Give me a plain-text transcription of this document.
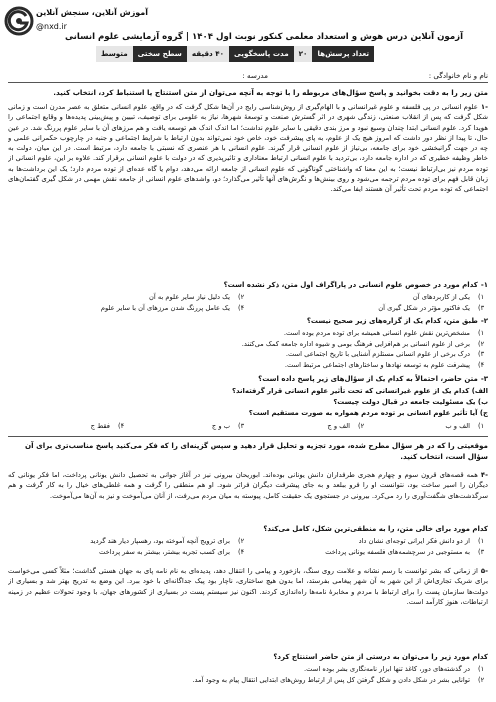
آموزش آنلاین، سنجش آنلاین
@nxd.ir
آزمون آنلاین درس هوش و استعداد معلمی کنکور نوبت اول ۱۴۰۴ | گروه آزمایشی علوم انسانی
تعداد پرسش‌ها
۲۰
مدت پاسخگویی
۴۰ دقیقه
سطح سختی
متوسط
نام و نام خانوادگی :
مدرسه :
متن زیر را به دقت بخوانید و پاسخ سؤال‌های مربوطه را با توجه به آنچه می‌توان از متن استنتاج یا استنباط کرد، انتخاب کنید.
-۱علوم انسانی در پی فلسفه و علوم غیرانسانی و با الهام‌گیری از روش‌شناسی رایج در آن‌ها شکل گرفت که در واقع، علوم انسانی متعلق به عصر مدرن است و زمانی شکل گرفت که پس از انقلاب صنعتی، زندگی شهری در اثر گسترش صنعت و توسعهٔ شهرها، نیاز به علومی برای توصیف، تبیین و پیش‌بینی پدیده‌ها و وقایع اجتماعی را هویدا کرد. علوم انسانی ابتدا چندان وسیع نبود و مرز بندی دقیقی با سایر علوم نداشت؛ اما اندک اندک هم توسعه یافت و هم مرزهای آن با سایر علوم پررنگ شد. در عین حال، تا پیدا از نظر دور داشت که امروز هیچ یک از علوم، به پای پیشرفت خود، خاص خود نمی‌تواند بدون ارتباط با شرایط اجتماعی و جنبه در چارچوب حکمرانی علمی و چه در جهت گرانبخشی خود برای جامعه، بی‌نیاز از علوم انسانی قرار گیرند. علوم انسانی با هر عنصری که نسبتی با جامعه دارد، مرتبط است. در این میان، دولت به خاطر وظیفه خطیری که در اداره جامعه دارد، بی‌تردید با علوم انسانی ارتباط معناداری و تاثیرپذیری که در دولت با علوم انسانی برقرار کند. علاوه بر این، علوم انسانی از توده مردم نیز بی‌ارتباط نیست؛ به این معنا که واشناختی گوناگونی که علوم انسانی از جامعه ارائه می‌دهد، دوام یا گاه عده‌ای از توده مردم دارد؛ یک این برداشت‌ها به زبان قابل فهم برای توده مردم ترجمه می‌شود و روی بینش‌ها و نگرش‌های آنها تأثیر می‌گذارد؛ دو، واشدهای علوم انسانی از جامعه نقش مهمی در شکل گیری گفتمان‌های اجتماعی که توده مردم تحت تأثیر آن هستند ایفا می‌کند.
۱-کدام مورد در خصوص علوم انسانی در پاراگراف اول متن، ذکر نشده است؟
۱)یکی از کاربردهای آن
۲)یک دلیل نیاز سایر علوم به آن
۳)یک فاکتور مؤثر در شکل گیری آن
۴)یک عامل پررنگ شدن مرزهای آن با سایر علوم
۲-طبق متن، کدام یک از گزاره‌های زیر صحیح نیست؟
۱)مشخص‌ترین نقش علوم انسانی همیشه برای توده مردم بوده است.
۲)برخی از علوم انسانی بر هم‌افزایی فرهنگ بومی و شیوه اداره جامعه کمک می‌کنند.
۳)درک برخی از علوم انسانی مستلزم آشنایی با تاریخ اجتماعی است.
۴)پیشرفت علوم به توسعه نهادها و ساختارهای اجتماعی مرتبط است.
۳-متن حاضر، احتمالاً به کدام یک از سؤال‌های زیر پاسخ داده است؟
الف) کدام یک از علوم غیرانسانی که تحت تأثیر علوم انسانی قرار گرفته‌اند؟
ب) یک مسئولیت جامعه در قبال دولت چیست؟
ج) آیا تأثیر علوم انسانی بر توده مردم همواره به صورت مستقیم است؟
۱)الف و ب
۲)الف و ج
۳)ب و ج
۴)فقط ج
موقعیتی را که در هر سؤال مطرح شده، مورد تجزیه و تحلیل قرار دهید و سپس گزینه‌ای را که فکر می‌کنید پاسخ مناسب‌تری برای آن سؤال است، انتخاب کنید.
-۴همه قصه‌های قرون سوم و چهارم هجری طرفداران دانش یونانی بوده‌اند. ابوریحان بیرونی نیز در آغاز جوانی به تحصیل دانش یونانی پرداخت، اما فکر یونانی که دیگران را اسیر ساخت بود، نتوانست او را فرو ببلعد و به جای پیشرفت دیگران فراتر شود. او هم منطقی را گرفت و همه غلطی‌های خیال را به کار گرفت و هم سرگذشت‌های شگفت‌آوری را رد می‌کرد. بیرونی در جستجوی یک حقیقت کامل، پیوسته به میان مردم می‌رفت، از آنان می‌آموخت و نیز به آن‌ها می‌آموخت.
کدام مورد برای خالی متن، را به منطقی‌ترین شکل، کامل می‌کند؟
۱)از دو دانش فکر ایرانی توجه‌ای نشان داد
۲)برای ترویج آنچه آموخته بود، رهسپار دیار هند گردید
۳)به مستوجبی در سرچشمه‌های فلسفه یونانی پرداخت
۴)برای کسب تجربه بیشتر، بیشتر به سفر پرداخت
-۵از زمانی که بشر توانست با رسم نشانه و علامت روی سنگ، بازخورد و پیامی را انتقال دهد، پدیده‌ای به نام نامه پای به جهان هستی گذاشت؛ مثلاً کسی می‌خواست برای شریک تجاری‌اش از این شهر به آن شهر پیغامی بفرستد، اما بدون هیچ ساختاری، ناچار بود پیک جداگانه‌ای با خود ببرد. این وضع به تدریج بهتر شد و بسیاری از دولت‌ها سازمان پست را برای ارتباط با مردم و مخابرهٔ نامه‌ها راه‌اندازی کردند. اکنون نیز سیستم پست در بسیاری از کشورهای جهان، با وجود تحولات عظیم در زمینه ارتباطات، هنوز کارآمد است.
کدام مورد زیر را می‌توان به درستی از متن حاضر استنتاج کرد؟
۱)در گذشته‌های دور، کاغذ تنها ابزار نامه‌نگاری بشر بوده است.
۲)توانایی بشر در شکل دادن و شکل گرفتن کل پس از ارتباط روش‌های ابتدایی انتقال پیام به وجود آمد.
